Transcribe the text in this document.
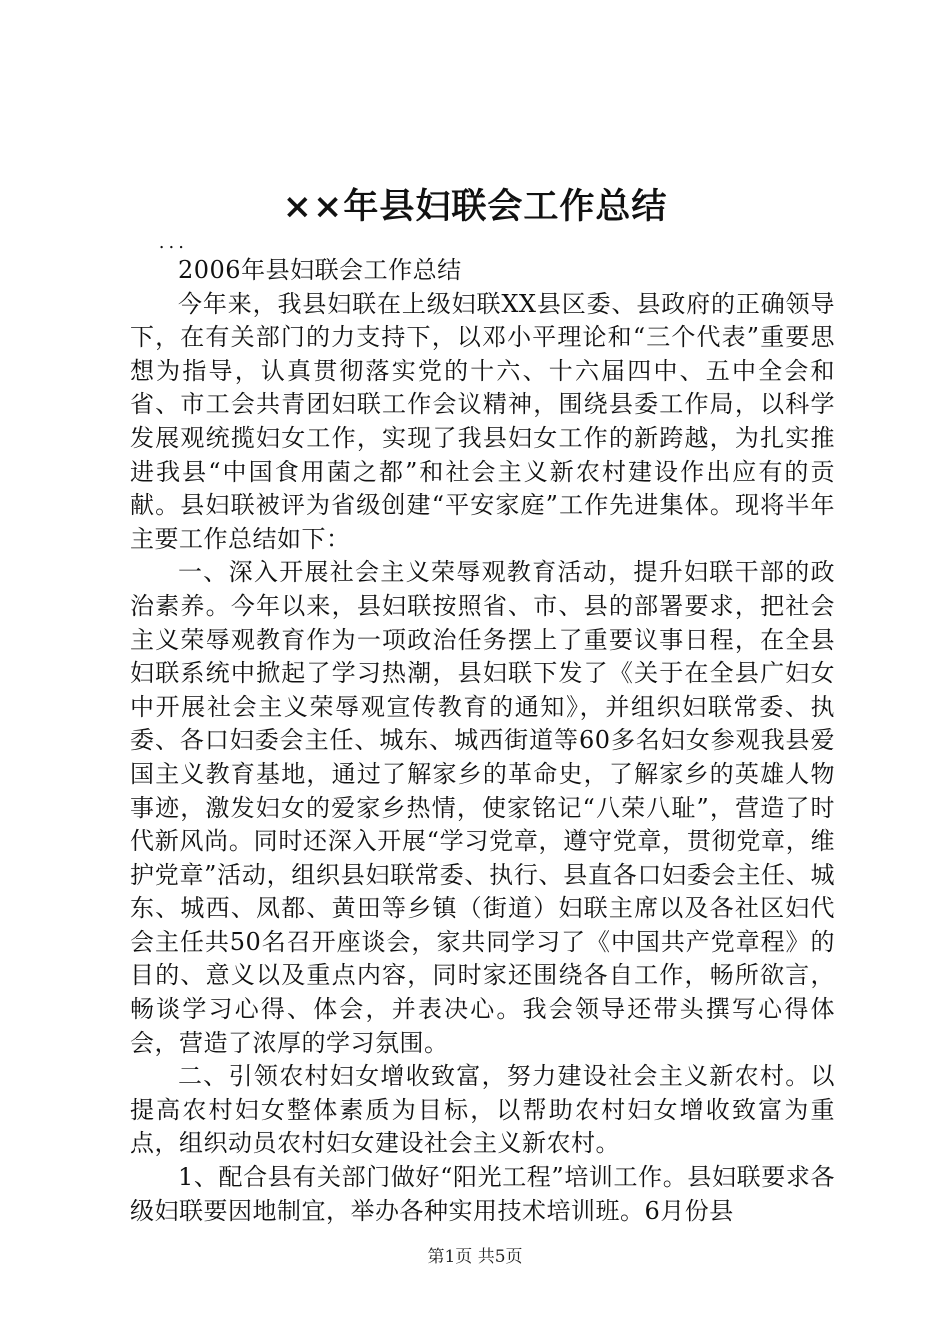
××年县妇联会工作总结

...

2006年县妇联会工作总结

今年来，我县妇联在上级妇联XX县区委、县政府的正确领导下，在有关部门的力支持下，以邓小平理论和“三个代表”重要思想为指导，认真贯彻落实党的十六、十六届四中、五中全会和省、市工会共青团妇联工作会议精神，围绕县委工作局，以科学发展观统揽妇女工作，实现了我县妇女工作的新跨越，为扎实推进我县“中国食用菌之都”和社会主义新农村建设作出应有的贡献。县妇联被评为省级创建“平安家庭”工作先进集体。现将半年主要工作总结如下：

一、深入开展社会主义荣辱观教育活动，提升妇联干部的政治素养。今年以来，县妇联按照省、市、县的部署要求，把社会主义荣辱观教育作为一项政治任务摆上了重要议事日程，在全县妇联系统中掀起了学习热潮，县妇联下发了《关于在全县广妇女中开展社会主义荣辱观宣传教育的通知》，并组织妇联常委、执委、各口妇委会主任、城东、城西街道等60多名妇女参观我县爱国主义教育基地，通过了解家乡的革命史，了解家乡的英雄人物事迹，激发妇女的爱家乡热情，使家铭记“八荣八耻”，营造了时代新风尚。同时还深入开展“学习党章，遵守党章，贯彻党章，维护党章”活动，组织县妇联常委、执行、县直各口妇委会主任、城东、城西、凤都、黄田等乡镇（街道）妇联主席以及各社区妇代会主任共50名召开座谈会，家共同学习了《中国共产党章程》的目的、意义以及重点内容，同时家还围绕各自工作，畅所欲言，畅谈学习心得、体会，并表决心。我会领导还带头撰写心得体会，营造了浓厚的学习氛围。

二、引领农村妇女增收致富，努力建设社会主义新农村。以提高农村妇女整体素质为目标，以帮助农村妇女增收致富为重点，组织动员农村妇女建设社会主义新农村。

1、配合县有关部门做好“阳光工程”培训工作。县妇联要求各级妇联要因地制宜，举办各种实用技术培训班。6月份县

第1页 共5页
